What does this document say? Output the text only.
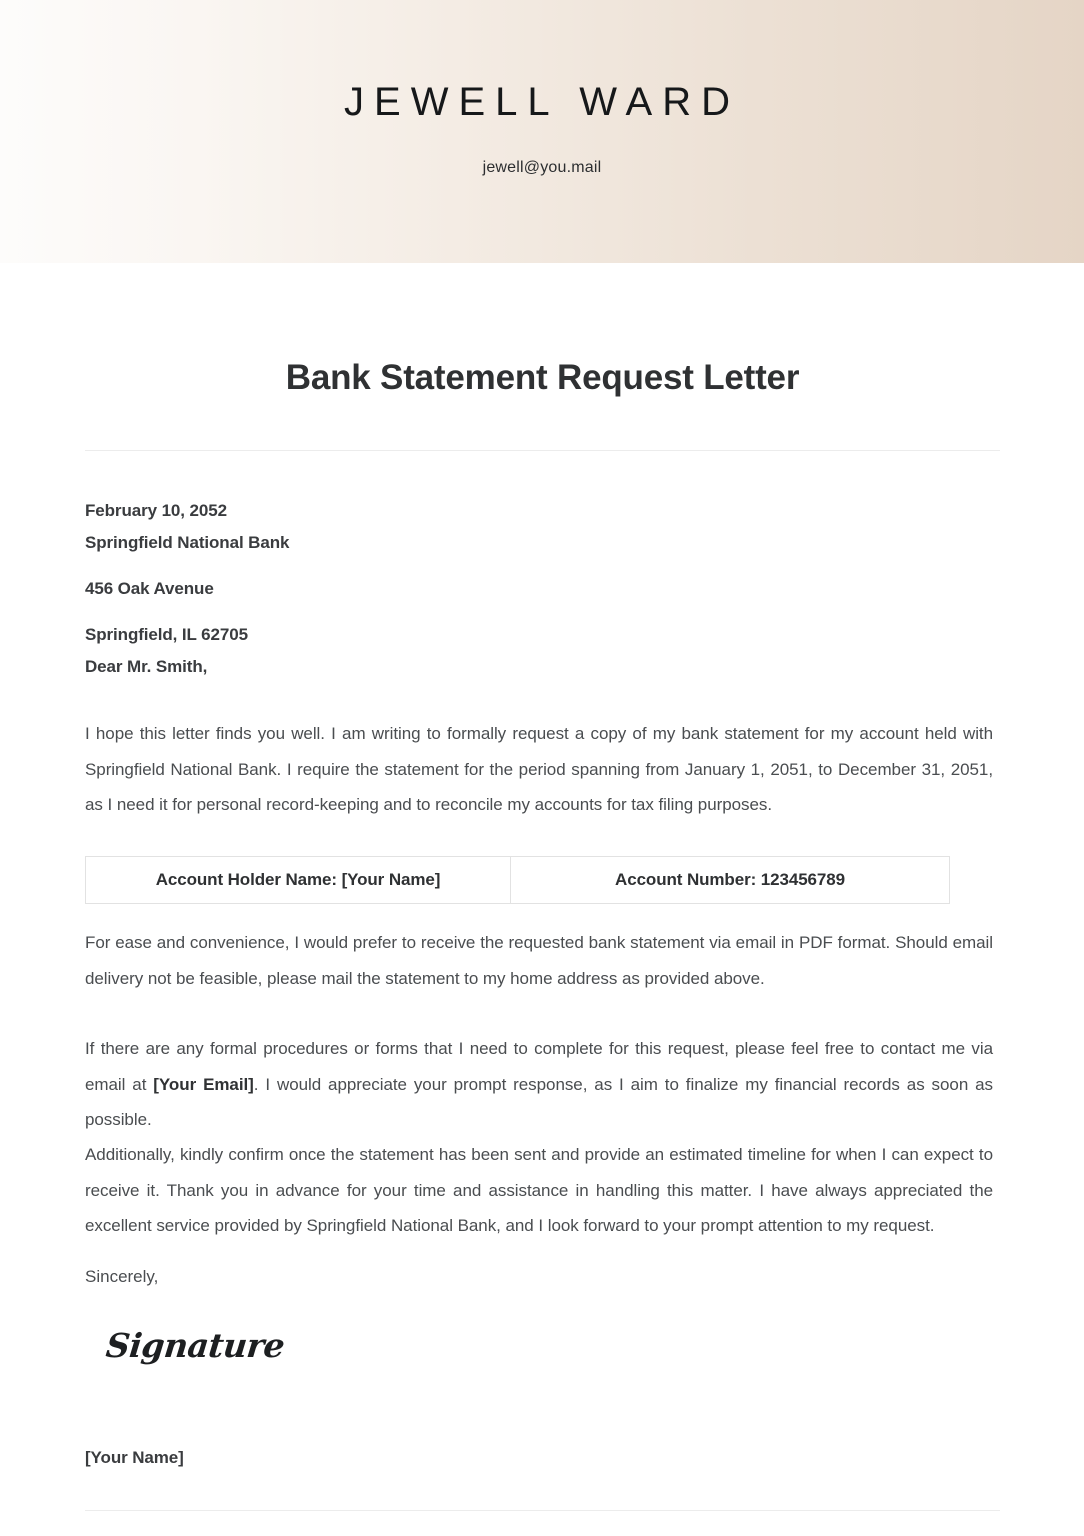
JEWELL WARD
jewell@you.mail
Bank Statement Request Letter
February 10, 2052
Springfield National Bank
456 Oak Avenue
Springfield, IL 62705
Dear Mr. Smith,

I hope this letter finds you well. I am writing to formally request a copy of my bank statement for my account held with Springfield National Bank. I require the statement for the period spanning from January 1, 2051, to December 31, 2051, as I need it for personal record-keeping and to reconcile my accounts for tax filing purposes.

Account Holder Name: [Your Name]	Account Number: 123456789

For ease and convenience, I would prefer to receive the requested bank statement via email in PDF format. Should email delivery not be feasible, please mail the statement to my home address as provided above.

If there are any formal procedures or forms that I need to complete for this request, please feel free to contact me via email at [Your Email]. I would appreciate your prompt response, as I aim to finalize my financial records as soon as possible.

Additionally, kindly confirm once the statement has been sent and provide an estimated timeline for when I can expect to receive it. Thank you in advance for your time and assistance in handling this matter. I have always appreciated the excellent service provided by Springfield National Bank, and I look forward to your prompt attention to my request.

Sincerely,
Signature
[Your Name]
